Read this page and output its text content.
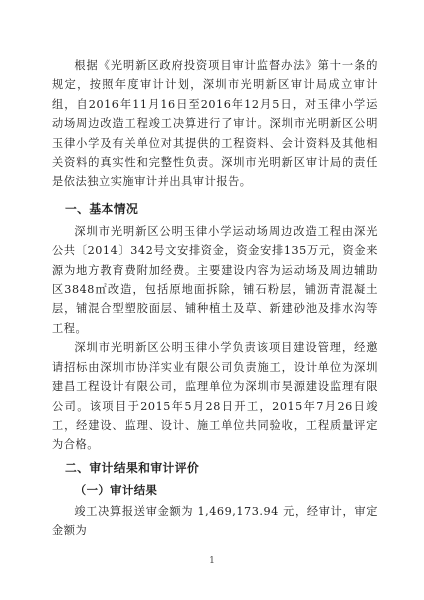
根据《光明新区政府投资项目审计监督办法》第十一条的规定，按照年度审计计划，深圳市光明新区审计局成立审计组，自2016年11月16日至2016年12月5日，对玉律小学运动场周边改造工程竣工决算进行了审计。深圳市光明新区公明玉律小学及有关单位对其提供的工程资料、会计资料及其他相关资料的真实性和完整性负责。深圳市光明新区审计局的责任是依法独立实施审计并出具审计报告。

一、基本情况

深圳市光明新区公明玉律小学运动场周边改造工程由深光公共〔2014〕342号文安排资金，资金安排135万元，资金来源为地方教育费附加经费。主要建设内容为运动场及周边辅助区3848㎡改造，包括原地面拆除，铺石粉层，铺沥青混凝土层，铺混合型塑胶面层、铺种植土及草、新建砂池及排水沟等工程。

深圳市光明新区公明玉律小学负责该项目建设管理，经邀请招标由深圳市协洋实业有限公司负责施工，设计单位为深圳建昌工程设计有限公司，监理单位为深圳市昊源建设监理有限公司。该项目于2015年5月28日开工，2015年7月26日竣工，经建设、监理、设计、施工单位共同验收，工程质量评定为合格。

二、审计结果和审计评价

（一）审计结果

竣工决算报送审金额为 1,469,173.94 元，经审计，审定金额为

1
